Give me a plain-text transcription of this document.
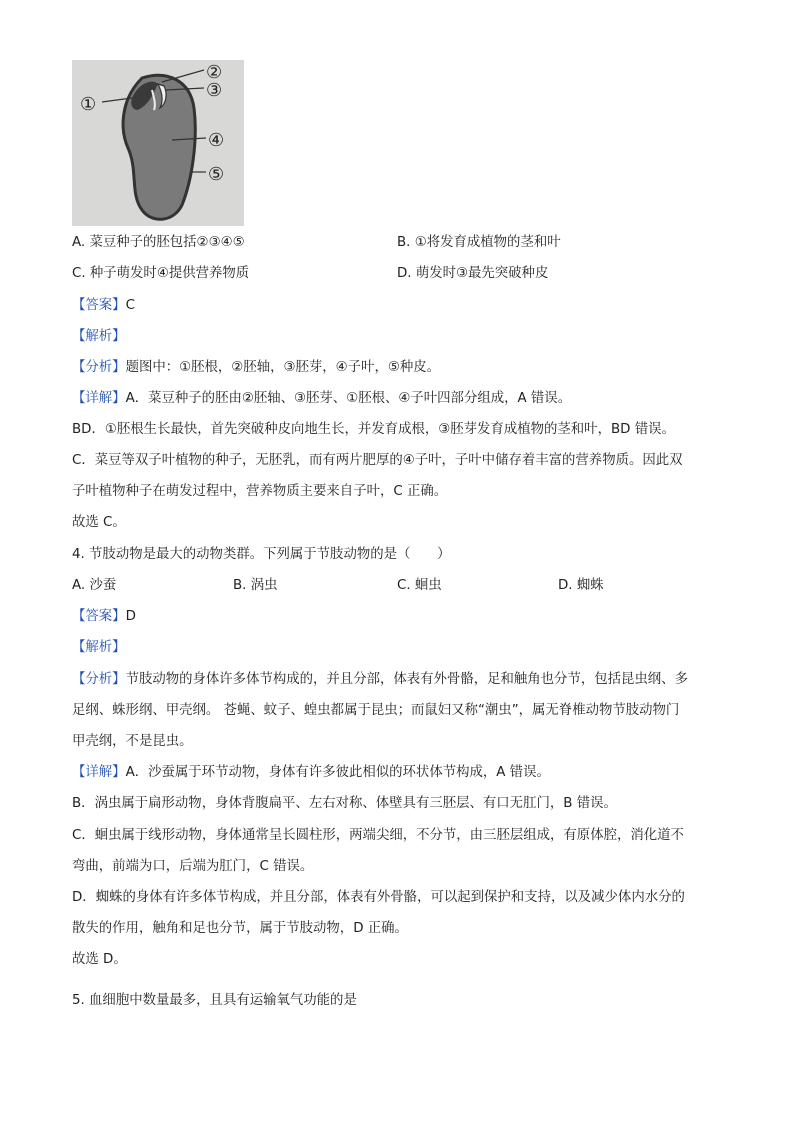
①
②
③
④
⑤
A. 菜豆种子的胚包括②③④⑤	B. ①将发育成植物的茎和叶
C. 种子萌发时④提供营养物质	D. 萌发时③最先突破种皮
【答案】C
【解析】
【分析】题图中：①胚根，②胚轴，③胚芽，④子叶，⑤种皮。
【详解】A．菜豆种子的胚由②胚轴、③胚芽、①胚根、④子叶四部分组成，A 错误。
BD．①胚根生长最快，首先突破种皮向地生长，并发育成根，③胚芽发育成植物的茎和叶，BD 错误。
C．菜豆等双子叶植物的种子，无胚乳，而有两片肥厚的④子叶，子叶中储存着丰富的营养物质。因此双
子叶植物种子在萌发过程中，营养物质主要来自子叶，C 正确。
故选 C。
4. 节肢动物是最大的动物类群。下列属于节肢动物的是（　　）
A. 沙蚕	B. 涡虫	C. 蛔虫	D. 蜘蛛
【答案】D
【解析】
【分析】节肢动物的身体许多体节构成的，并且分部，体表有外骨骼，足和触角也分节，包括昆虫纲、多
足纲、蛛形纲、甲壳纲。 苍蝇、蚊子、蝗虫都属于昆虫；而鼠妇又称“潮虫”，属无脊椎动物节肢动物门
甲壳纲，不是昆虫。
【详解】A．沙蚕属于环节动物，身体有许多彼此相似的环状体节构成，A 错误。
B．涡虫属于扁形动物，身体背腹扁平、左右对称、体壁具有三胚层、有口无肛门，B 错误。
C．蛔虫属于线形动物，身体通常呈长圆柱形，两端尖细，不分节，由三胚层组成，有原体腔，消化道不
弯曲，前端为口，后端为肛门，C 错误。
D．蜘蛛的身体有许多体节构成，并且分部，体表有外骨骼，可以起到保护和支持，以及减少体内水分的
散失的作用，触角和足也分节，属于节肢动物，D 正确。
故选 D。
5. 血细胞中数量最多，且具有运输氧气功能的是
